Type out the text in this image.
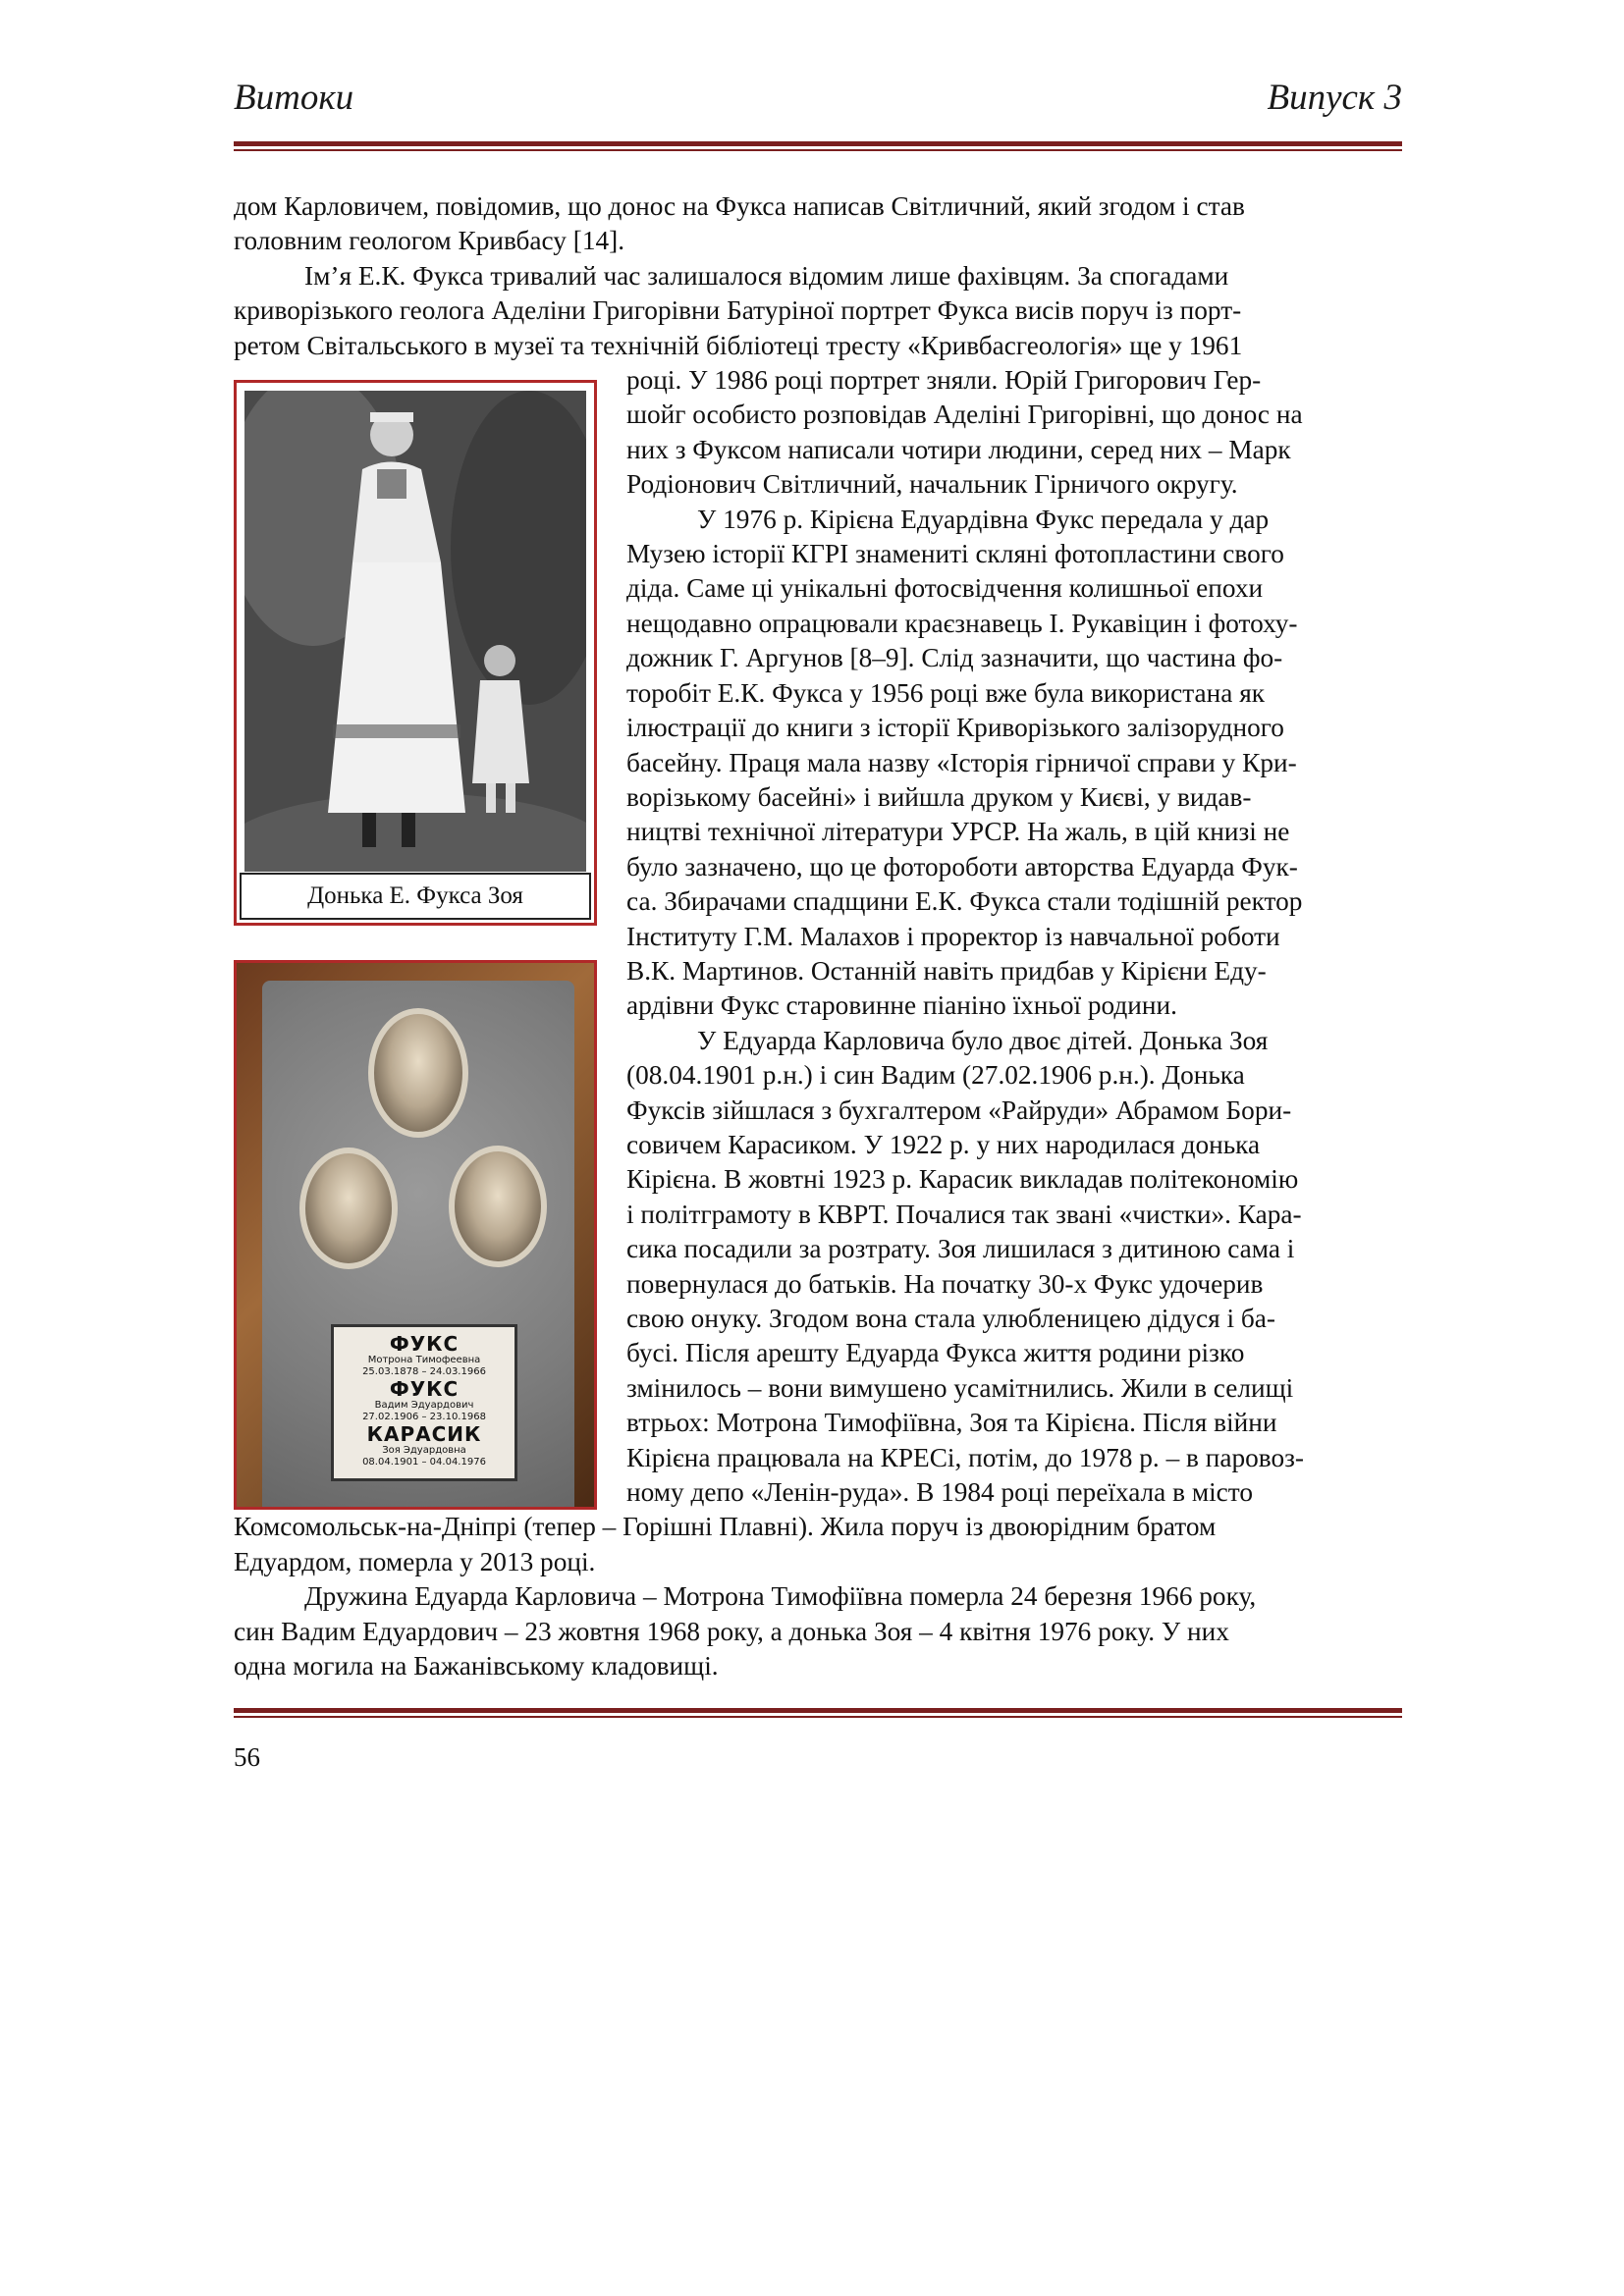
Витоки	Випуск 3

дом Карловичем, повідомив, що донос на Фукса написав Світличний, який згодом і став

головним геологом Кривбасу [14].

Ім’я Е.К. Фукса тривалий час залишалося відомим лише фахівцям. За спогадами

криворізького геолога Аделіни Григорівни Батуріної портрет Фукса висів поруч із порт-

ретом Світальського в музеї та технічній бібліотеці тресту «Кривбасгеологія» ще у 1961

році. У 1986 році портрет зняли. Юрій Григорович Гер-

шойг особисто розповідав Аделіні Григорівні, що донос на

них з Фуксом написали чотири людини, серед них – Марк

Родіонович Світличний, начальник Гірничого округу.

У 1976 р. Кірієна Едуардівна Фукс передала у дар

Музею історії КГРІ знамениті скляні фотопластини свого

діда. Саме ці унікальні фотосвідчення колишньої епохи

нещодавно опрацювали краєзнавець І. Рукавіцин і фотоху-

дожник Г. Аргунов [8–9]. Слід зазначити, що частина фо-

торобіт Е.К. Фукса у 1956 році вже була використана як

ілюстрації до книги з історії Криворізького залізорудного

басейну. Праця мала назву «Історія гірничої справи у Кри-

ворізькому басейні» і вийшла друком у Києві, у видав-

ництві технічної літератури УРСР. На жаль, в цій книзі не

було зазначено, що це фотороботи авторства Едуарда Фук-

са. Збирачами спадщини Е.К. Фукса стали тодішній ректор

Інституту Г.М. Малахов і проректор із навчальної роботи

В.К. Мартинов. Останній навіть придбав у Кірієни Еду-

ардівни Фукс старовинне піаніно їхньої родини.

У Едуарда Карловича було двоє дітей. Донька Зоя

(08.04.1901 р.н.) і син Вадим (27.02.1906 р.н.). Донька

Фуксів зійшлася з бухгалтером «Райруди» Абрамом Бори-

совичем Карасиком. У 1922 р. у них народилася донька

Кірієна. В жовтні 1923 р. Карасик викладав політекономію

і політграмоту в КВРТ. Почалися так звані «чистки». Кара-

сика посадили за розтрату. Зоя лишилася з дитиною сама і

повернулася до батьків. На початку 30-х Фукс удочерив

свою онуку. Згодом вона стала улюбленицею дідуся і ба-

бусі. Після арешту Едуарда Фукса життя родини різко

змінилось – вони вимушено усамітнились. Жили в селищі

втрьох: Мотрона Тимофіївна, Зоя та Кірієна. Після війни

Кірієна працювала на КРЕСі, потім, до 1978 р. – в паровоз-

ному депо «Ленін-руда». В 1984 році переїхала в місто

Комсомольськ-на-Дніпрі (тепер – Горішні Плавні). Жила поруч із двоюрідним братом

Едуардом, померла у 2013 році.

Дружина Едуарда Карловича – Мотрона Тимофіївна померла 24 березня 1966 року,

син Вадим Едуардович – 23 жовтня 1968 року, а донька Зоя – 4 квітня 1976 року. У них

одна могила на Бажанівському кладовищі.

Донька Е. Фукса Зоя
ФУКС
Мотрона Тимофеевна
25.03.1878 – 24.03.1966
ФУКС
Вадим Эдуардович
27.02.1906 – 23.10.1968
КАРАСИК
Зоя Эдуардовна
08.04.1901 – 04.04.1976
56
